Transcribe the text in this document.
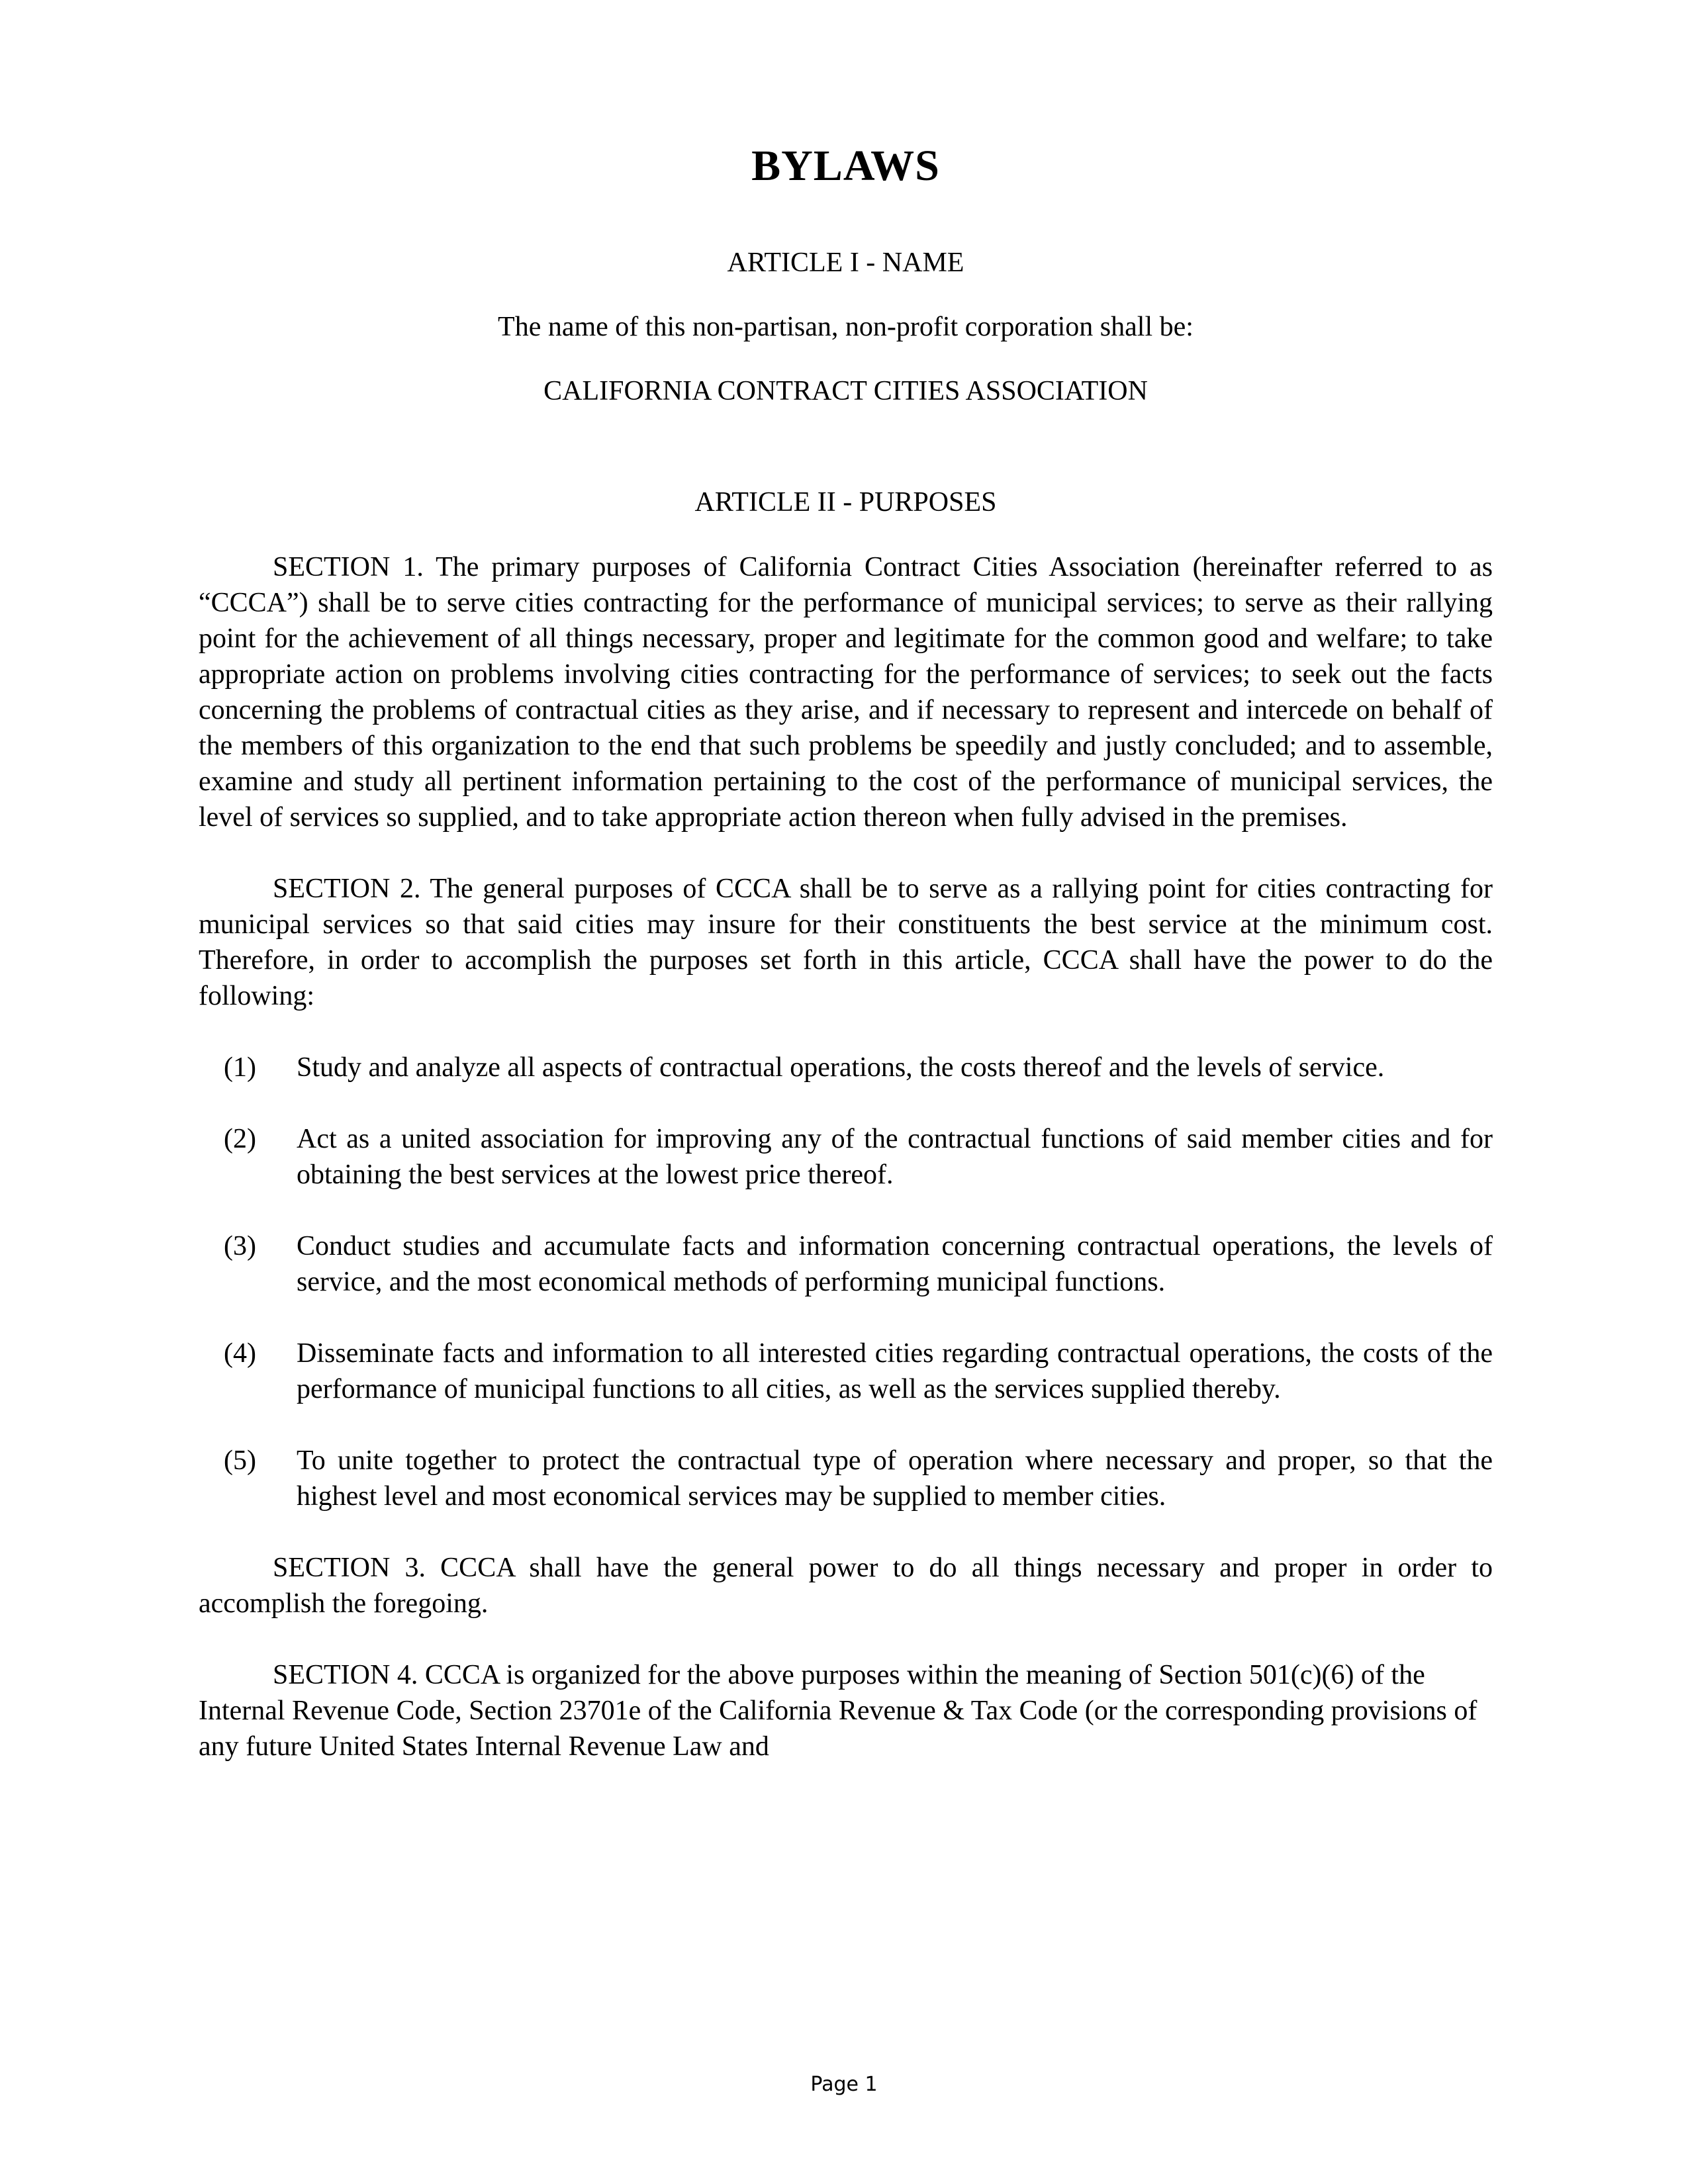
BYLAWS
ARTICLE I - NAME

The name of this non-partisan, non-profit corporation shall be:

CALIFORNIA CONTRACT CITIES ASSOCIATION

ARTICLE II - PURPOSES

SECTION 1. The primary purposes of California Contract Cities Association (hereinafter referred to as “CCCA”) shall be to serve cities contracting for the performance of municipal services; to serve as their rallying point for the achievement of all things necessary, proper and legitimate for the common good and welfare; to take appropriate action on problems involving cities contracting for the performance of services; to seek out the facts concerning the problems of contractual cities as they arise, and if necessary to represent and intercede on behalf of the members of this organization to the end that such problems be speedily and justly concluded; and to assemble, examine and study all pertinent information pertaining to the cost of the performance of municipal services, the level of services so supplied, and to take appropriate action thereon when fully advised in the premises.

SECTION 2. The general purposes of CCCA shall be to serve as a rallying point for cities contracting for municipal services so that said cities may insure for their constituents the best service at the minimum cost. Therefore, in order to accomplish the purposes set forth in this article, CCCA shall have the power to do the following:

(1)	Study and analyze all aspects of contractual operations, the costs thereof and the levels of service.
(2)	Act as a united association for improving any of the contractual functions of said member cities and for obtaining the best services at the lowest price thereof.
(3)	Conduct studies and accumulate facts and information concerning contractual operations, the levels of service, and the most economical methods of performing municipal functions.
(4)	Disseminate facts and information to all interested cities regarding contractual operations, the costs of the performance of municipal functions to all cities, as well as the services supplied thereby.
(5)	To unite together to protect the contractual type of operation where necessary and proper, so that the highest level and most economical services may be supplied to member cities.

SECTION 3. CCCA shall have the general power to do all things necessary and proper in order to accomplish the foregoing.

SECTION 4. CCCA is organized for the above purposes within the meaning of Section 501(c)(6) of the Internal Revenue Code, Section 23701e of the California Revenue & Tax Code (or the corresponding provisions of any future United States Internal Revenue Law and

Page 1
